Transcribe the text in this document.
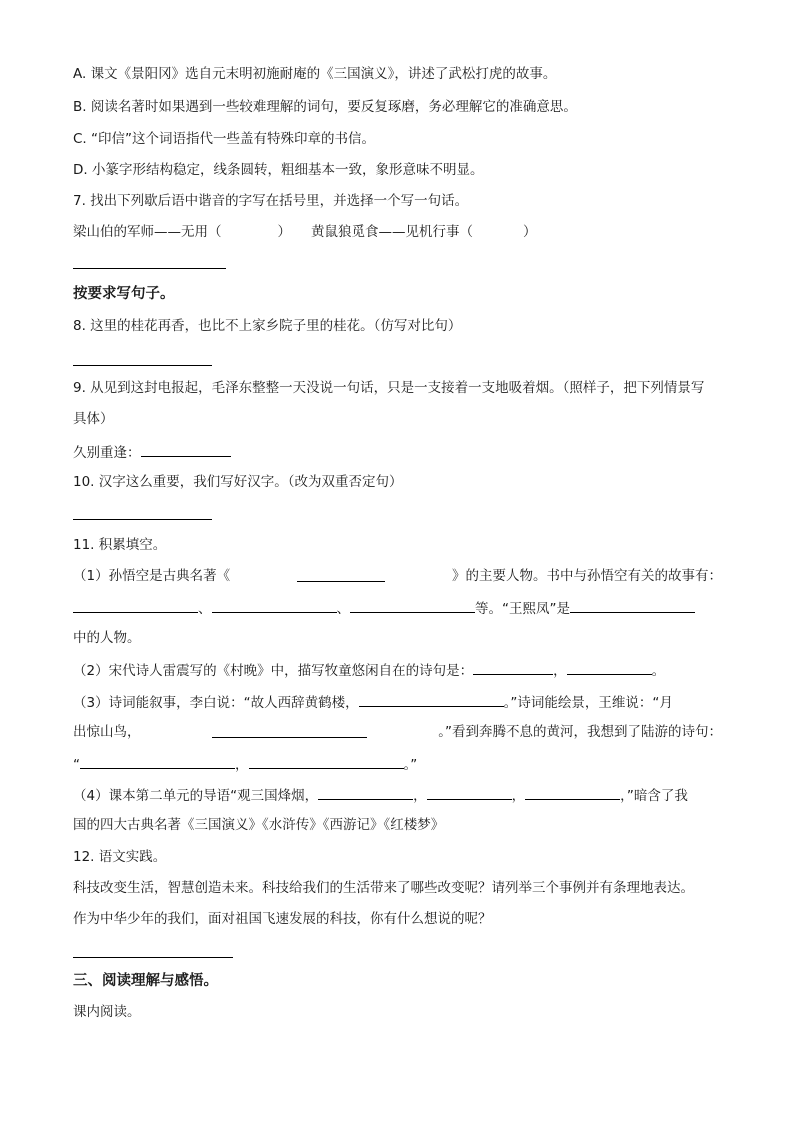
A. 课文《景阳冈》选自元末明初施耐庵的《三国演义》，讲述了武松打虎的故事。
B. 阅读名著时如果遇到一些较难理解的词句，要反复琢磨，务必理解它的准确意思。
C. “印信”这个词语指代一些盖有特殊印章的书信。
D. 小篆字形结构稳定，线条圆转，粗细基本一致，象形意味不明显。
7. 找出下列歇后语中谐音的字写在括号里，并选择一个写一句话。
梁山伯的军师——无用（	） 黄鼠狼觅食——见机行事（	）
按要求写句子。
8. 这里的桂花再香，也比不上家乡院子里的桂花。（仿写对比句）
9. 从见到这封电报起，毛泽东整整一天没说一句话，只是一支接着一支地吸着烟。（照样子，把下列情景写
具体）
久别重逢：
10. 汉字这么重要，我们写好汉字。（改为双重否定句）
11. 积累填空。
（1）孙悟空是古典名著《	》的主要人物。书中与孙悟空有关的故事有：
、	、	等。“王熙凤”是
中的人物。
（2）宋代诗人雷震写的《村晚》中，描写牧童悠闲自在的诗句是：	，	。
（3）诗词能叙事，李白说：“故人西辞黄鹤楼，	。”诗词能绘景，王维说：“月
出惊山鸟，	。”看到奔腾不息的黄河，我想到了陆游的诗句：
“	，	。”
（4）课本第二单元的导语“观三国烽烟，	，	，	，”暗含了我
国的四大古典名著《三国演义》《水浒传》《西游记》《红楼梦》
12. 语文实践。
科技改变生活，智慧创造未来。科技给我们的生活带来了哪些改变呢？请列举三个事例并有条理地表达。
作为中华少年的我们，面对祖国飞速发展的科技，你有什么想说的呢？
三、阅读理解与感悟。
课内阅读。
